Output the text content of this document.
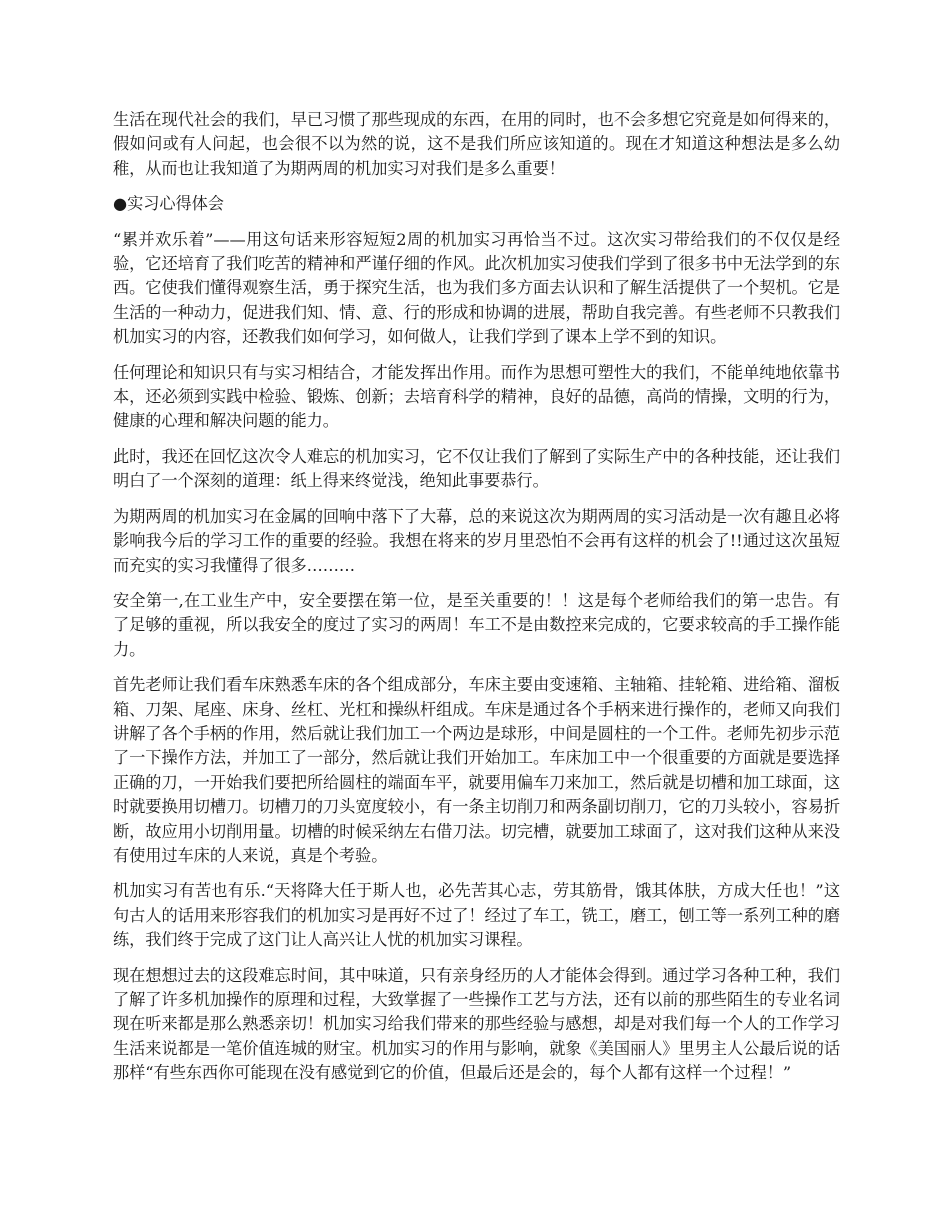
生活在现代社会的我们，早已习惯了那些现成的东西，在用的同时，也不会多想它究竟是如何得来的，假如问或有人问起，也会很不以为然的说，这不是我们所应该知道的。现在才知道这种想法是多么幼稚，从而也让我知道了为期两周的机加实习对我们是多么重要！

●实习心得体会

“累并欢乐着”——用这句话来形容短短2周的机加实习再恰当不过。这次实习带给我们的不仅仅是经验，它还培育了我们吃苦的精神和严谨仔细的作风。此次机加实习使我们学到了很多书中无法学到的东西。它使我们懂得观察生活，勇于探究生活，也为我们多方面去认识和了解生活提供了一个契机。它是生活的一种动力，促进我们知、情、意、行的形成和协调的进展，帮助自我完善。有些老师不只教我们机加实习的内容，还教我们如何学习，如何做人，让我们学到了课本上学不到的知识。

任何理论和知识只有与实习相结合，才能发挥出作用。而作为思想可塑性大的我们，不能单纯地依靠书本，还必须到实践中检验、锻炼、创新；去培育科学的精神，良好的品德，高尚的情操，文明的行为，健康的心理和解决问题的能力。

此时，我还在回忆这次令人难忘的机加实习，它不仅让我们了解到了实际生产中的各种技能，还让我们明白了一个深刻的道理：纸上得来终觉浅，绝知此事要恭行。

为期两周的机加实习在金属的回响中落下了大幕，总的来说这次为期两周的实习活动是一次有趣且必将影响我今后的学习工作的重要的经验。我想在将来的岁月里恐怕不会再有这样的机会了!!通过这次虽短而充实的实习我懂得了很多………

安全第一,在工业生产中，安全要摆在第一位，是至关重要的！！这是每个老师给我们的第一忠告。有了足够的重视，所以我安全的度过了实习的两周！车工不是由数控来完成的，它要求较高的手工操作能力。

首先老师让我们看车床熟悉车床的各个组成部分，车床主要由变速箱、主轴箱、挂轮箱、进给箱、溜板箱、刀架、尾座、床身、丝杠、光杠和操纵杆组成。车床是通过各个手柄来进行操作的，老师又向我们讲解了各个手柄的作用，然后就让我们加工一个两边是球形，中间是圆柱的一个工件。老师先初步示范了一下操作方法，并加工了一部分，然后就让我们开始加工。车床加工中一个很重要的方面就是要选择正确的刀，一开始我们要把所给圆柱的端面车平，就要用偏车刀来加工，然后就是切槽和加工球面，这时就要换用切槽刀。切槽刀的刀头宽度较小，有一条主切削刀和两条副切削刀，它的刀头较小，容易折断，故应用小切削用量。切槽的时候采纳左右借刀法。切完槽，就要加工球面了，这对我们这种从来没有使用过车床的人来说，真是个考验。

机加实习有苦也有乐.“天将降大任于斯人也，必先苦其心志，劳其筋骨，饿其体肤，方成大任也！”这句古人的话用来形容我们的机加实习是再好不过了！经过了车工，铣工，磨工，刨工等一系列工种的磨练，我们终于完成了这门让人高兴让人忧的机加实习课程。

现在想想过去的这段难忘时间，其中味道，只有亲身经历的人才能体会得到。通过学习各种工种，我们了解了许多机加操作的原理和过程，大致掌握了一些操作工艺与方法，还有以前的那些陌生的专业名词现在听来都是那么熟悉亲切！机加实习给我们带来的那些经验与感想，却是对我们每一个人的工作学习生活来说都是一笔价值连城的财宝。机加实习的作用与影响，就象《美国丽人》里男主人公最后说的话那样“有些东西你可能现在没有感觉到它的价值，但最后还是会的，每个人都有这样一个过程！”
